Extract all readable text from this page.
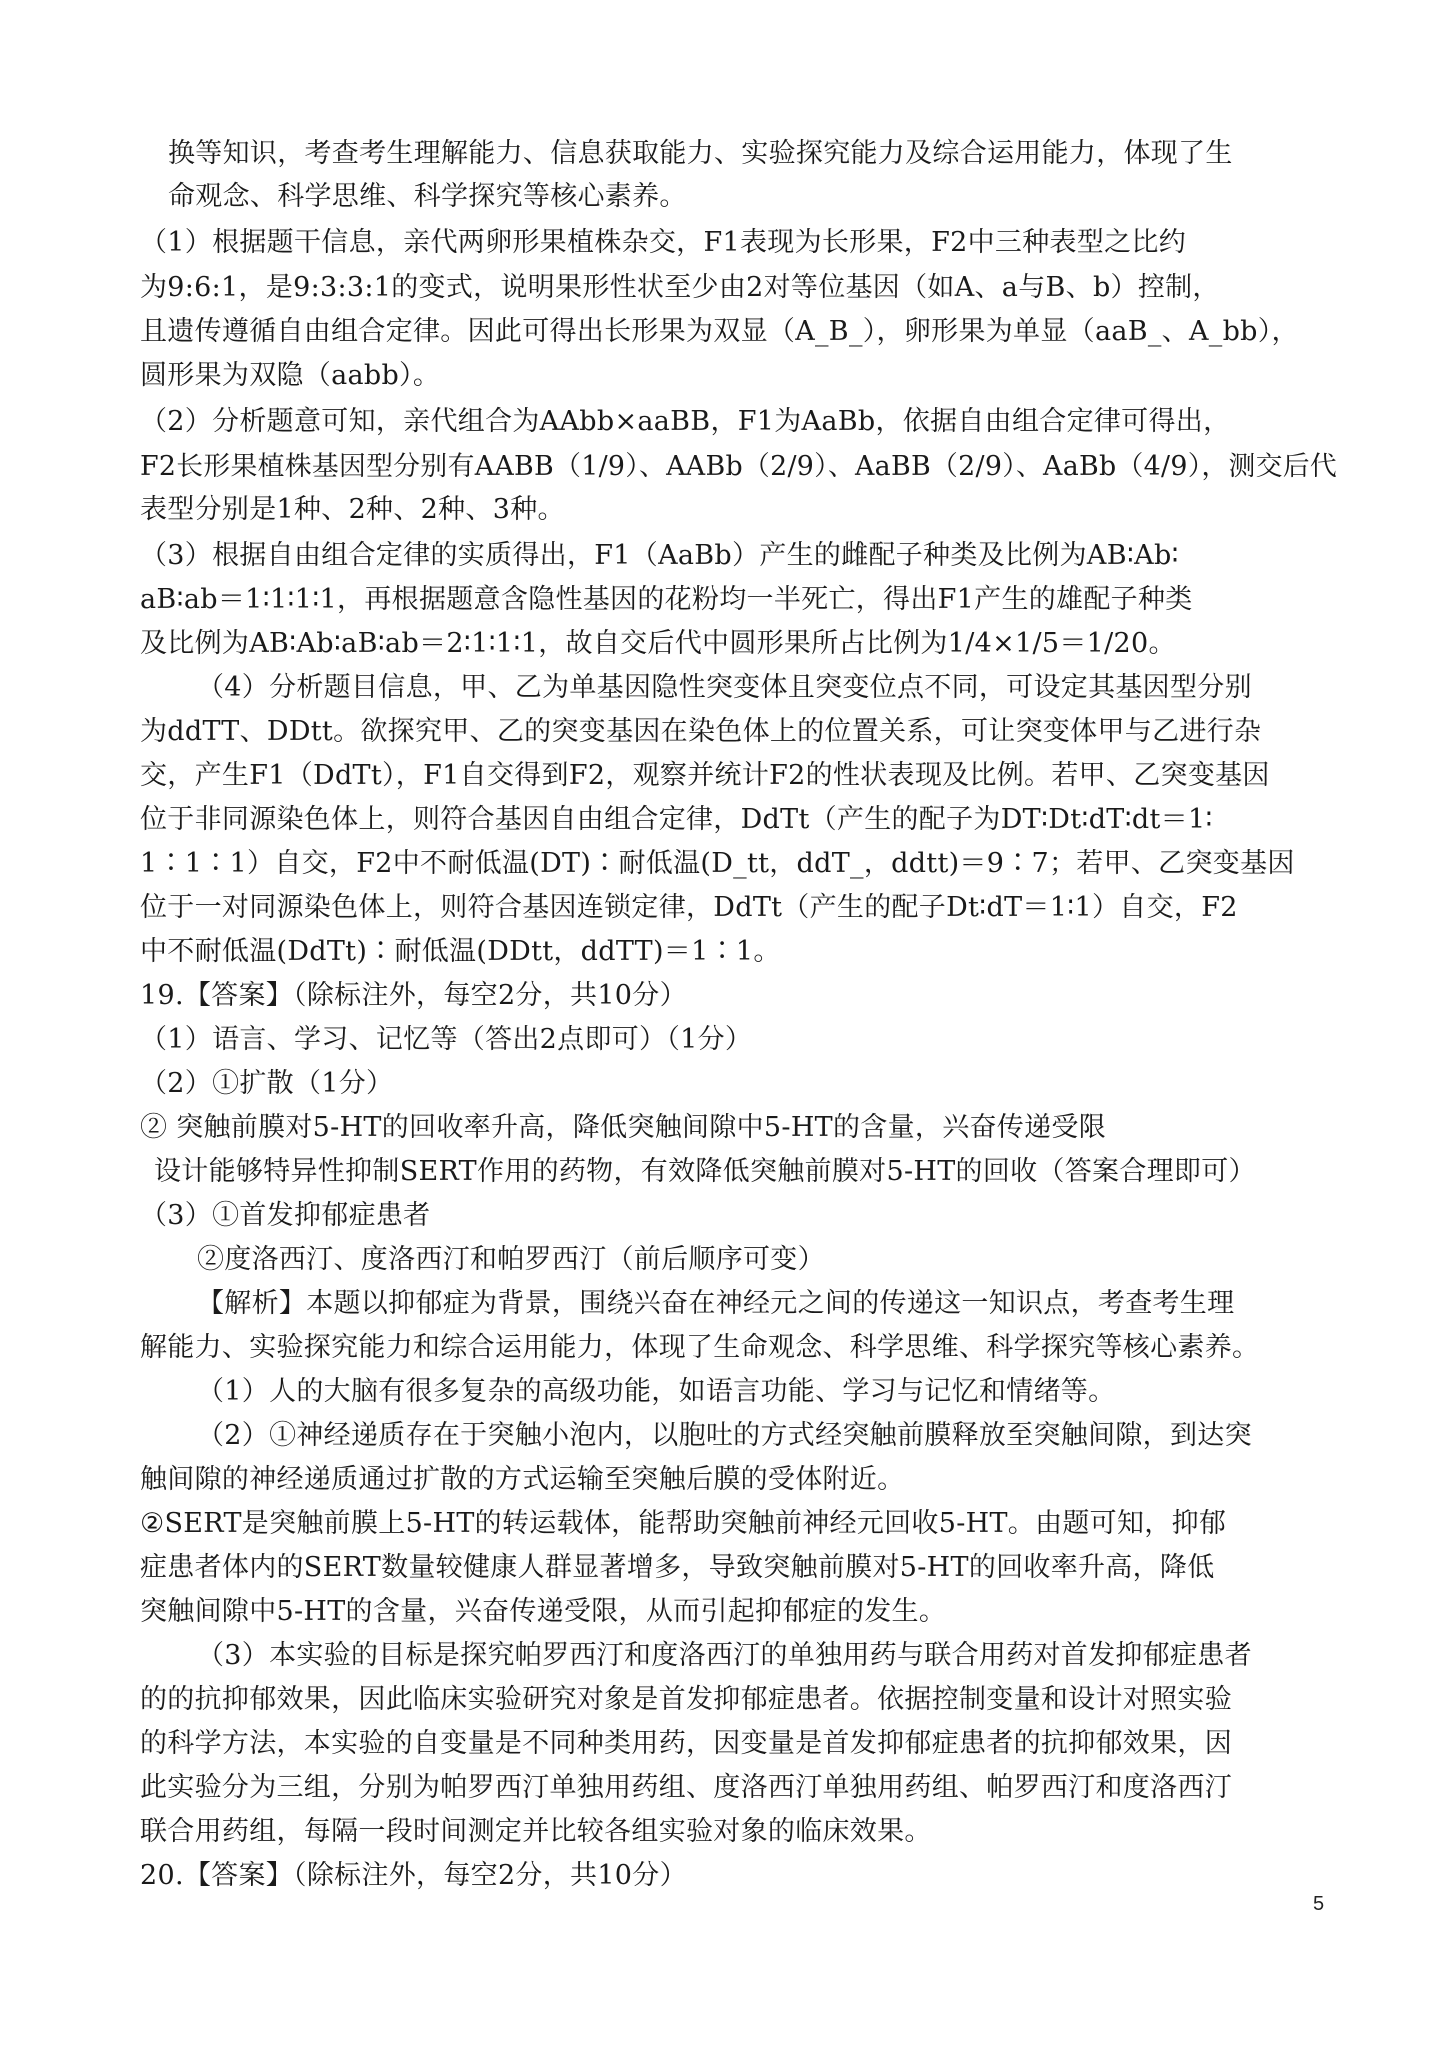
换等知识，考查考生理解能力、信息获取能力、实验探究能力及综合运用能力，体现了生
命观念、科学思维、科学探究等核心素养。
（1）根据题干信息，亲代两卵形果植株杂交，F1表现为长形果，F2中三种表型之比约
为9:6:1，是9:3:3:1的变式，说明果形性状至少由2对等位基因（如A、a与B、b）控制，
且遗传遵循自由组合定律。因此可得出长形果为双显（A_B_），卵形果为单显（aaB_、A_bb），
圆形果为双隐（aabb）。
（2）分析题意可知，亲代组合为AAbb×aaBB，F1为AaBb，依据自由组合定律可得出，
F2长形果植株基因型分别有AABB（1/9）、AABb（2/9）、AaBB（2/9）、AaBb（4/9），测交后代
表型分别是1种、2种、2种、3种。
（3）根据自由组合定律的实质得出，F1（AaBb）产生的雌配子种类及比例为AB∶Ab∶
aB∶ab＝1∶1∶1∶1，再根据题意含隐性基因的花粉均一半死亡，得出F1产生的雄配子种类
及比例为AB∶Ab∶aB∶ab＝2∶1∶1∶1，故自交后代中圆形果所占比例为1/4×1/5＝1/20。
（4）分析题目信息，甲、乙为单基因隐性突变体且突变位点不同，可设定其基因型分别
为ddTT、DDtt。欲探究甲、乙的突变基因在染色体上的位置关系，可让突变体甲与乙进行杂
交，产生F1（DdTt），F1自交得到F2，观察并统计F2的性状表现及比例。若甲、乙突变基因
位于非同源染色体上，则符合基因自由组合定律，DdTt（产生的配子为DT∶Dt∶dT∶dt＝1∶
1∶1∶1）自交，F2中不耐低温(DT)∶耐低温(D_tt，ddT_，ddtt)＝9∶7；若甲、乙突变基因
位于一对同源染色体上，则符合基因连锁定律，DdTt（产生的配子Dt∶dT＝1∶1）自交，F2
中不耐低温(DdTt)∶耐低温(DDtt，ddTT)＝1∶1。
19.【答案】（除标注外，每空2分，共10分）
（1）语言、学习、记忆等（答出2点即可）（1分）
（2）①扩散（1分）
② 突触前膜对5-HT的回收率升高，降低突触间隙中5-HT的含量，兴奋传递受限
设计能够特异性抑制SERT作用的药物，有效降低突触前膜对5-HT的回收（答案合理即可）
（3）①首发抑郁症患者
②度洛西汀、度洛西汀和帕罗西汀（前后顺序可变）
【解析】本题以抑郁症为背景，围绕兴奋在神经元之间的传递这一知识点，考查考生理
解能力、实验探究能力和综合运用能力，体现了生命观念、科学思维、科学探究等核心素养。
（1）人的大脑有很多复杂的高级功能，如语言功能、学习与记忆和情绪等。
（2）①神经递质存在于突触小泡内，以胞吐的方式经突触前膜释放至突触间隙，到达突
触间隙的神经递质通过扩散的方式运输至突触后膜的受体附近。
②SERT是突触前膜上5-HT的转运载体，能帮助突触前神经元回收5-HT。由题可知，抑郁
症患者体内的SERT数量较健康人群显著增多，导致突触前膜对5-HT的回收率升高，降低
突触间隙中5-HT的含量，兴奋传递受限，从而引起抑郁症的发生。
（3）本实验的目标是探究帕罗西汀和度洛西汀的单独用药与联合用药对首发抑郁症患者
的的抗抑郁效果，因此临床实验研究对象是首发抑郁症患者。依据控制变量和设计对照实验
的科学方法，本实验的自变量是不同种类用药，因变量是首发抑郁症患者的抗抑郁效果，因
此实验分为三组，分别为帕罗西汀单独用药组、度洛西汀单独用药组、帕罗西汀和度洛西汀
联合用药组，每隔一段时间测定并比较各组实验对象的临床效果。
20.【答案】（除标注外，每空2分，共10分）
5
